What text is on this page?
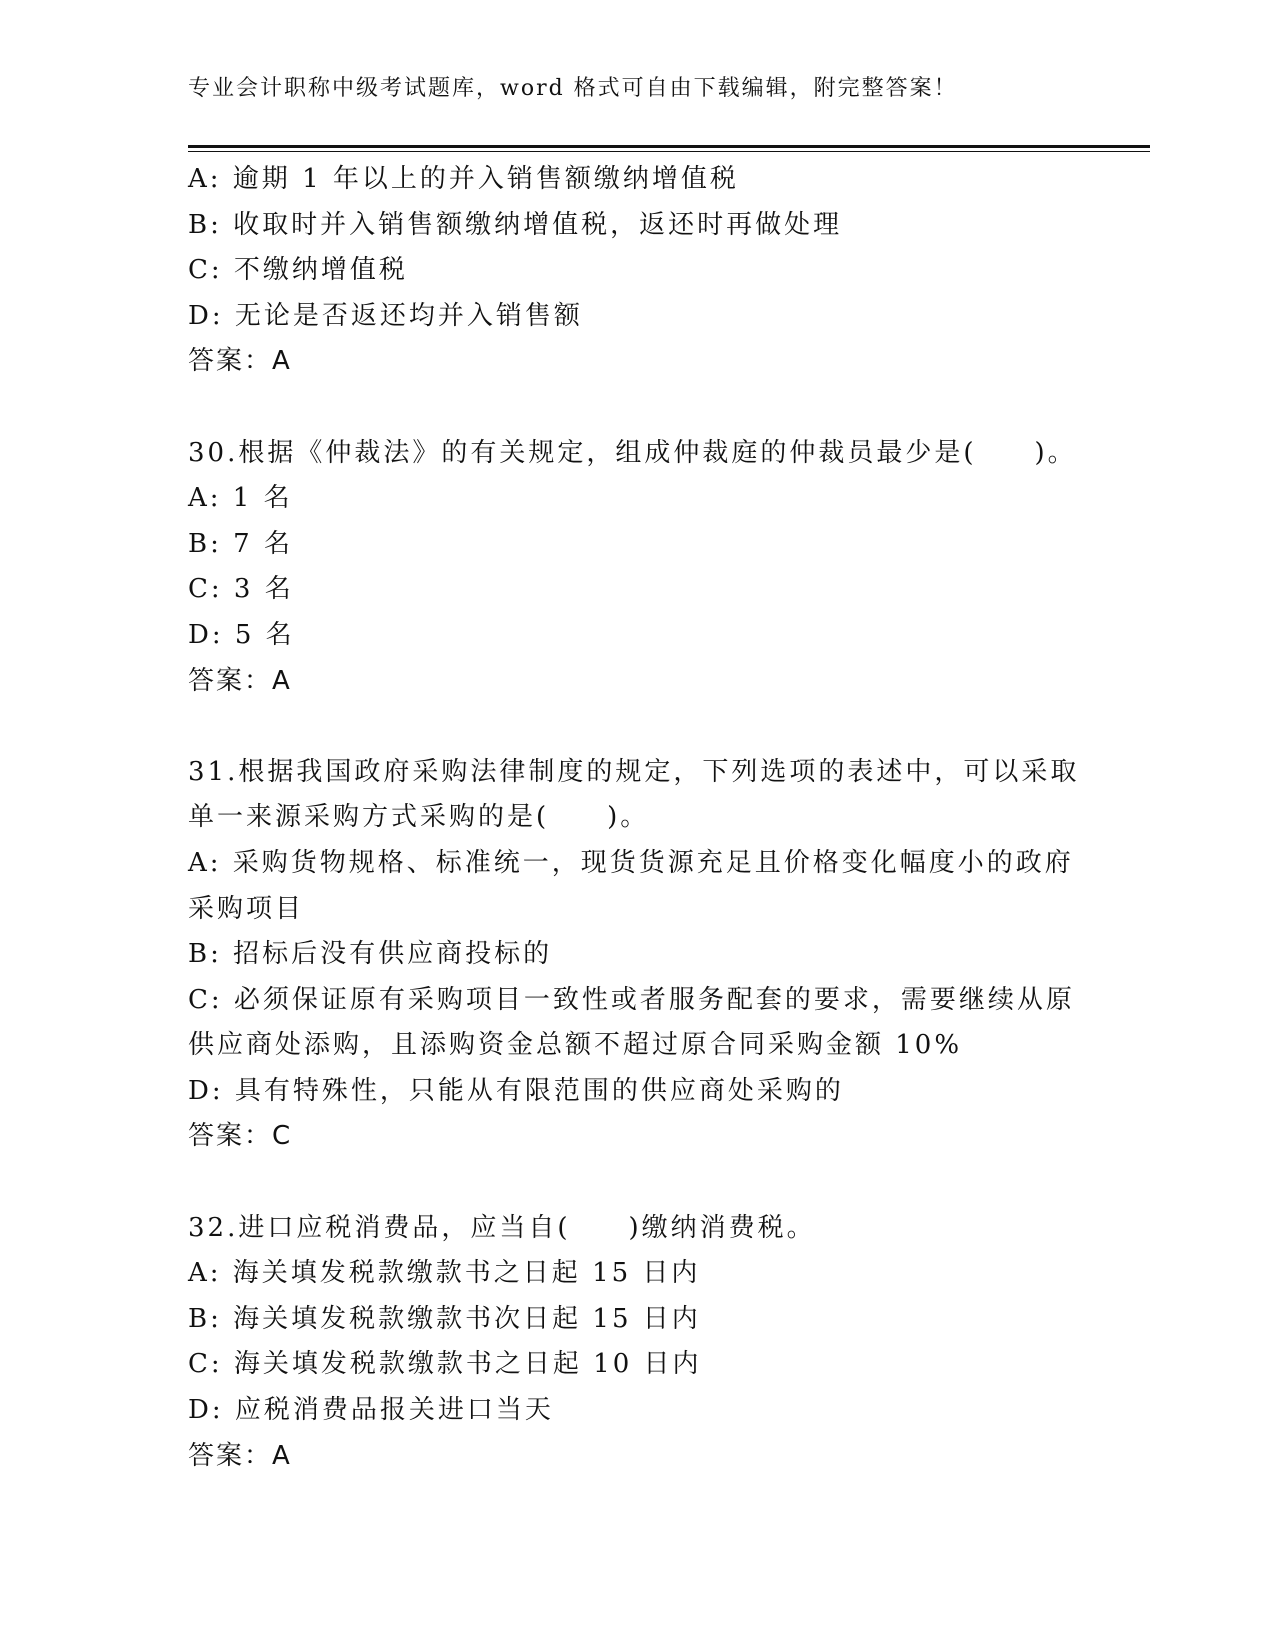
专业会计职称中级考试题库，word 格式可自由下载编辑，附完整答案！
A: 逾期 1 年以上的并入销售额缴纳增值税
B: 收取时并入销售额缴纳增值税，返还时再做处理
C: 不缴纳增值税
D: 无论是否返还均并入销售额
答案：A
30.根据《仲裁法》的有关规定，组成仲裁庭的仲裁员最少是(　　)。
A: 1 名
B: 7 名
C: 3 名
D: 5 名
答案：A
31.根据我国政府采购法律制度的规定，下列选项的表述中，可以采取
单一来源采购方式采购的是(　　)。
A: 采购货物规格、标准统一，现货货源充足且价格变化幅度小的政府
采购项目
B: 招标后没有供应商投标的
C: 必须保证原有采购项目一致性或者服务配套的要求，需要继续从原
供应商处添购，且添购资金总额不超过原合同采购金额 10%
D: 具有特殊性，只能从有限范围的供应商处采购的
答案：C
32.进口应税消费品，应当自(　　)缴纳消费税。
A: 海关填发税款缴款书之日起 15 日内
B: 海关填发税款缴款书次日起 15 日内
C: 海关填发税款缴款书之日起 10 日内
D: 应税消费品报关进口当天
答案：A
